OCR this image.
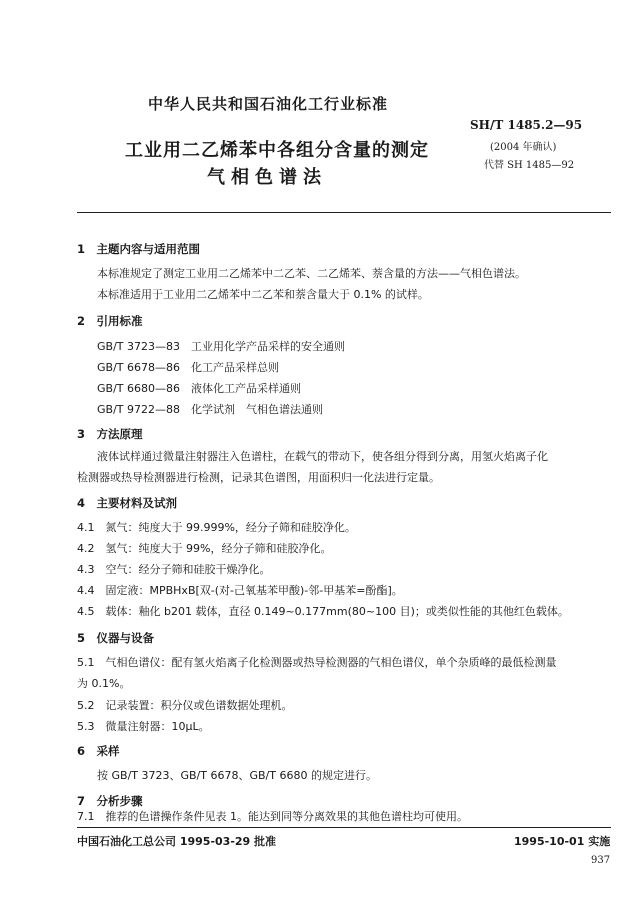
中华人民共和国石油化工行业标准
SH/T 1485.2—95
工业用二乙烯苯中各组分含量的测定
气相色谱法
(2004 年确认)
代替 SH 1485—92
1　主题内容与适用范围
本标准规定了测定工业用二乙烯苯中二乙苯、二乙烯苯、萘含量的方法——气相色谱法。
本标准适用于工业用二乙烯苯中二乙苯和萘含量大于 0.1% 的试样。
2　引用标准
GB/T 3723—83　工业用化学产品采样的安全通则
GB/T 6678—86　化工产品采样总则
GB/T 6680—86　液体化工产品采样通则
GB/T 9722—88　化学试剂　气相色谱法通则
3　方法原理
液体试样通过微量注射器注入色谱柱，在载气的带动下，使各组分得到分离，用氢火焰离子化
检测器或热导检测器进行检测，记录其色谱图，用面积归一化法进行定量。
4　主要材料及试剂
4.1　氮气：纯度大于 99.999%，经分子筛和硅胶净化。
4.2　氢气：纯度大于 99%，经分子筛和硅胶净化。
4.3　空气：经分子筛和硅胶干燥净化。
4.4　固定液：MPBHxB[双-(对-己氧基苯甲酸)-邻-甲基苯=酚酯]。
4.5　载体：釉化 b201 载体，直径 0.149~0.177mm(80~100 目)；或类似性能的其他红色载体。
5　仪器与设备
5.1　气相色谱仪：配有氢火焰离子化检测器或热导检测器的气相色谱仪，单个杂质峰的最低检测量
为 0.1%。
5.2　记录装置：积分仪或色谱数据处理机。
5.3　微量注射器：10μL。
6　采样
按 GB/T 3723、GB/T 6678、GB/T 6680 的规定进行。
7　分析步骤
7.1　推荐的色谱操作条件见表 1。能达到同等分离效果的其他色谱柱均可使用。
中国石油化工总公司 1995-03-29 批准	1995-10-01 实施
937
